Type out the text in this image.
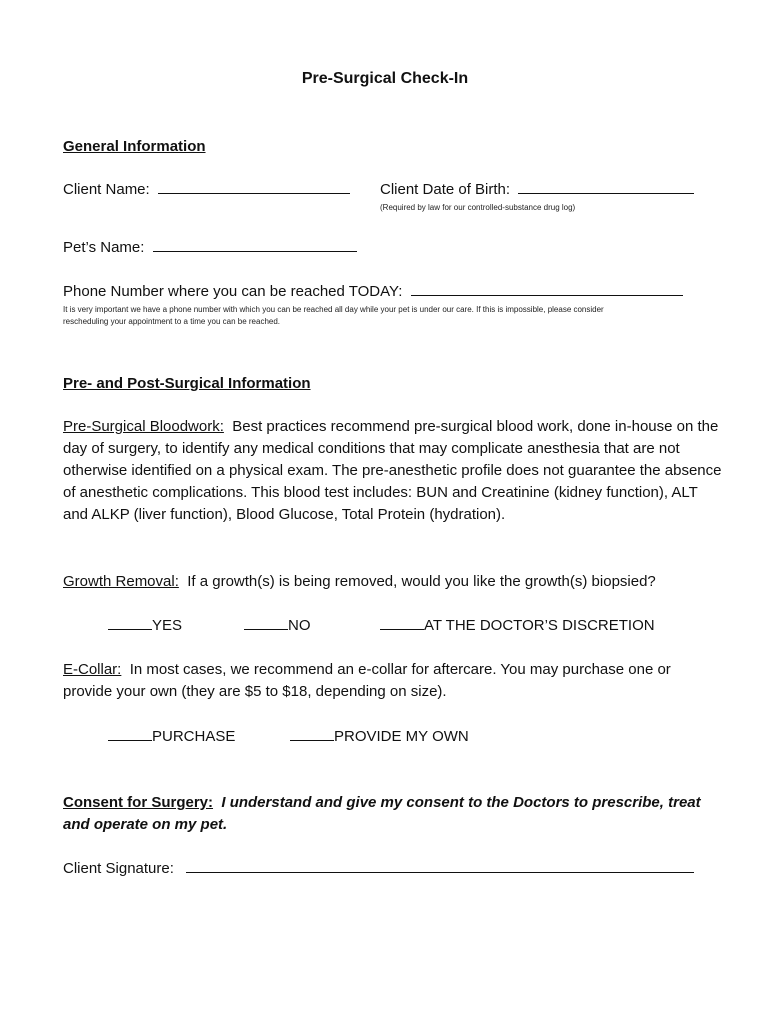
Pre-Surgical Check-In
General Information
Client Name:	Client Date of Birth:
(Required by law for our controlled-substance drug log)
Pet’s Name:
Phone Number where you can be reached TODAY:
It is very important we have a phone number with which you can be reached all day while your pet is under our care. If this is impossible, please consider
rescheduling your appointment to a time you can be reached.
Pre- and Post-Surgical Information
Pre-Surgical Bloodwork: Best practices recommend pre-surgical blood work, done in-house on the day of surgery, to identify any medical conditions that may complicate anesthesia that are not otherwise identified on a physical exam. The pre-anesthetic profile does not guarantee the absence of anesthetic complications. This blood test includes: BUN and Creatinine (kidney function), ALT and ALKP (liver function), Blood Glucose, Total Protein (hydration).
Growth Removal: If a growth(s) is being removed, would you like the growth(s) biopsied?
YES	NO	AT THE DOCTOR’S DISCRETION
E-Collar: In most cases, we recommend an e-collar for aftercare. You may purchase one or provide your own (they are $5 to $18, depending on size).
PURCHASE	PROVIDE MY OWN
Consent for Surgery: I understand and give my consent to the Doctors to prescribe, treat and operate on my pet.
Client Signature:
